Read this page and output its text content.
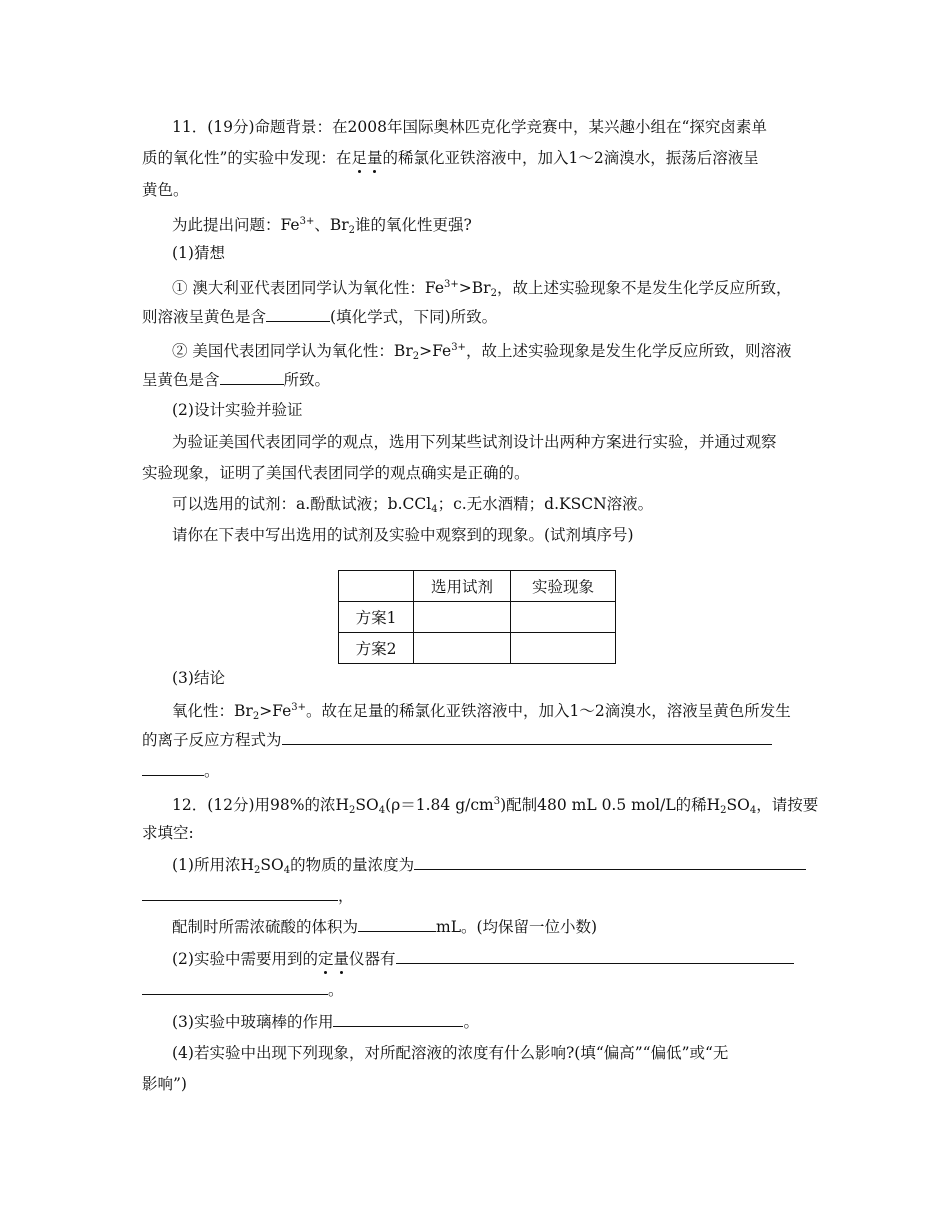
11．(19分)命题背景：在2008年国际奥林匹克化学竞赛中，某兴趣小组在“探究卤素单
质的氧化性”的实验中发现：在足量的稀氯化亚铁溶液中，加入1～2滴溴水，振荡后溶液呈
黄色。
为此提出问题：$Fe^{3+}$、$Br_2$谁的氧化性更强?
(1)猜想
① 澳大利亚代表团同学认为氧化性：$Fe^{3+}>Br_2$，故上述实验现象不是发生化学反应所致，
则溶液呈黄色是含	(填化学式，下同)所致。
② 美国代表团同学认为氧化性：$Br_2>Fe^{3+}$，故上述实验现象是发生化学反应所致，则溶液
呈黄色是含	所致。
(2)设计实验并验证
为验证美国代表团同学的观点，选用下列某些试剂设计出两种方案进行实验，并通过观察
实验现象，证明了美国代表团同学的观点确实是正确的。
可以选用的试剂：a.酚酞试液；b.CCl$_4$；c.无水酒精；d.KSCN溶液。
请你在下表中写出选用的试剂及实验中观察到的现象。(试剂填序号)
	选用试剂	实验现象
方案1		
方案2		
(3)结论
氧化性：$Br_2>Fe^{3+}$。故在足量的稀氯化亚铁溶液中，加入1～2滴溴水，溶液呈黄色所发生
的离子反应方程式为
。
12．(12分)用98%的浓$H_2SO_4(\rho=1.84$ $g/cm^3$)配制480 mL 0.5 mol/L的稀$H_2SO_4$，请按要
求填空:
(1)所用浓$H_2SO_4$的物质的量浓度为
，
配制时所需浓硫酸的体积为	mL。(均保留一位小数)
(2)实验中需要用到的定量仪器有
。
(3)实验中玻璃棒的作用	。
(4)若实验中出现下列现象，对所配溶液的浓度有什么影响?(填“偏高”“偏低”或“无
影响”)
